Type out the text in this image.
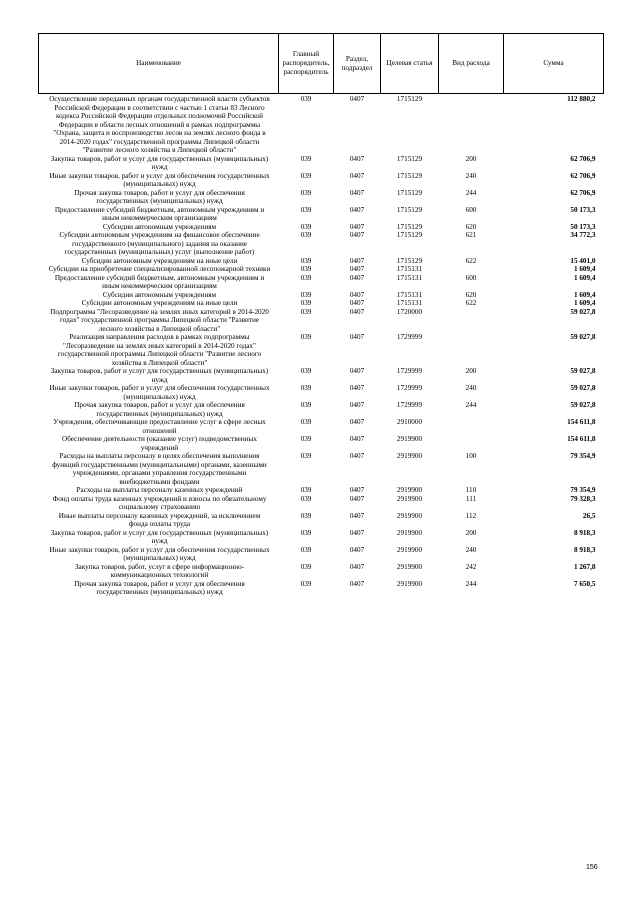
Наименование	Главный распорядитель, распорядитель	Раздел, подраздел	Целевая статья	Вид расхода	Сумма
Осуществление переданных органам государственной власти субъектов Российской Федерации в соответствии с частью 1 статьи 83 Лесного кодекса Российской Федерации отдельных полномочий Российской Федерации в области лесных отношений в рамках подпрограммы "Охрана, защита и воспроизводство лесов на землях лесного фонда в 2014-2020 годах" государственной программы Липецкой области "Развитие лесного хозяйства в Липецкой области"	039	0407	1715129		112 880,2
Закупка товаров, работ и услуг для государственных (муниципальных) нужд	039	0407	1715129	200	62 706,9
Иные закупки товаров, работ и услуг для обеспечения государственных (муниципальных) нужд	039	0407	1715129	240	62 706,9
Прочая закупка товаров, работ и услуг для обеспечения государственных (муниципальных) нужд	039	0407	1715129	244	62 706,9
Предоставление субсидий бюджетным, автономным учреждениям и иным некоммерческим организациям	039	0407	1715129	600	50 173,3
Субсидии автономным учреждениям	039	0407	1715129	620	50 173,3
Субсидии автономным учреждениям на финансовое обеспечение государственного (муниципального) задания на оказание государственных (муниципальных) услуг (выполнение работ)	039	0407	1715129	621	34 772,3
Субсидии автономным учреждениям на иные цели	039	0407	1715129	622	15 401,0
Субсидии на приобретение специализированной лесопожарной техники	039	0407	1715131		1 609,4
Предоставление субсидий бюджетным, автономным учреждениям и иным некоммерческим организациям	039	0407	1715131	600	1 609,4
Субсидии автономным учреждениям	039	0407	1715131	620	1 609,4
Субсидии автономным учреждениям на иные цели	039	0407	1715131	622	1 609,4
Подпрограмма "Лесоразведение на землях иных категорий в 2014-2020 годах" государственной программы Липецкой области "Развитие лесного хозяйства в Липецкой области"	039	0407	1720000		59 027,8
Реализация направления расходов в рамках подпрограммы "Лесоразведение на землях иных категорий в 2014-2020 годах" государственной программы Липецкой области "Развитие лесного хозяйства в Липецкой области"	039	0407	1729999		59 027,8
Закупка товаров, работ и услуг для государственных (муниципальных) нужд	039	0407	1729999	200	59 027,8
Иные закупки товаров, работ и услуг для обеспечения государственных (муниципальных) нужд	039	0407	1729999	240	59 027,8
Прочая закупка товаров, работ и услуг для обеспечения государственных (муниципальных) нужд	039	0407	1729999	244	59 027,8
Учреждения, обеспечивающие предоставление услуг в сфере лесных отношений	039	0407	2910000		154 611,8
Обеспечение деятельности (оказание услуг) подведомственных учреждений	039	0407	2919900		154 611,8
Расходы на выплаты персоналу в целях обеспечения выполнения функций государственными (муниципальными) органами, казенными учреждениями, органами управления государственными внебюджетными фондами	039	0407	2919900	100	79 354,9
Расходы на выплаты персоналу казенных учреждений	039	0407	2919900	110	79 354,9
Фонд оплаты труда казенных учреждений и взносы по обязательному социальному страхованию	039	0407	2919900	111	79 328,3
Иные выплаты персоналу казенных учреждений, за исключением фонда оплаты труда	039	0407	2919900	112	26,5
Закупка товаров, работ и услуг для государственных (муниципальных) нужд	039	0407	2919900	200	8 918,3
Иные закупки товаров, работ и услуг для обеспечения государственных (муниципальных) нужд	039	0407	2919900	240	8 918,3
Закупка товаров, работ, услуг в сфере информационно-коммуникационных технологий	039	0407	2919900	242	1 267,8
Прочая закупка товаров, работ и услуг для обеспечения государственных (муниципальных) нужд	039	0407	2919900	244	7 650,5
156
